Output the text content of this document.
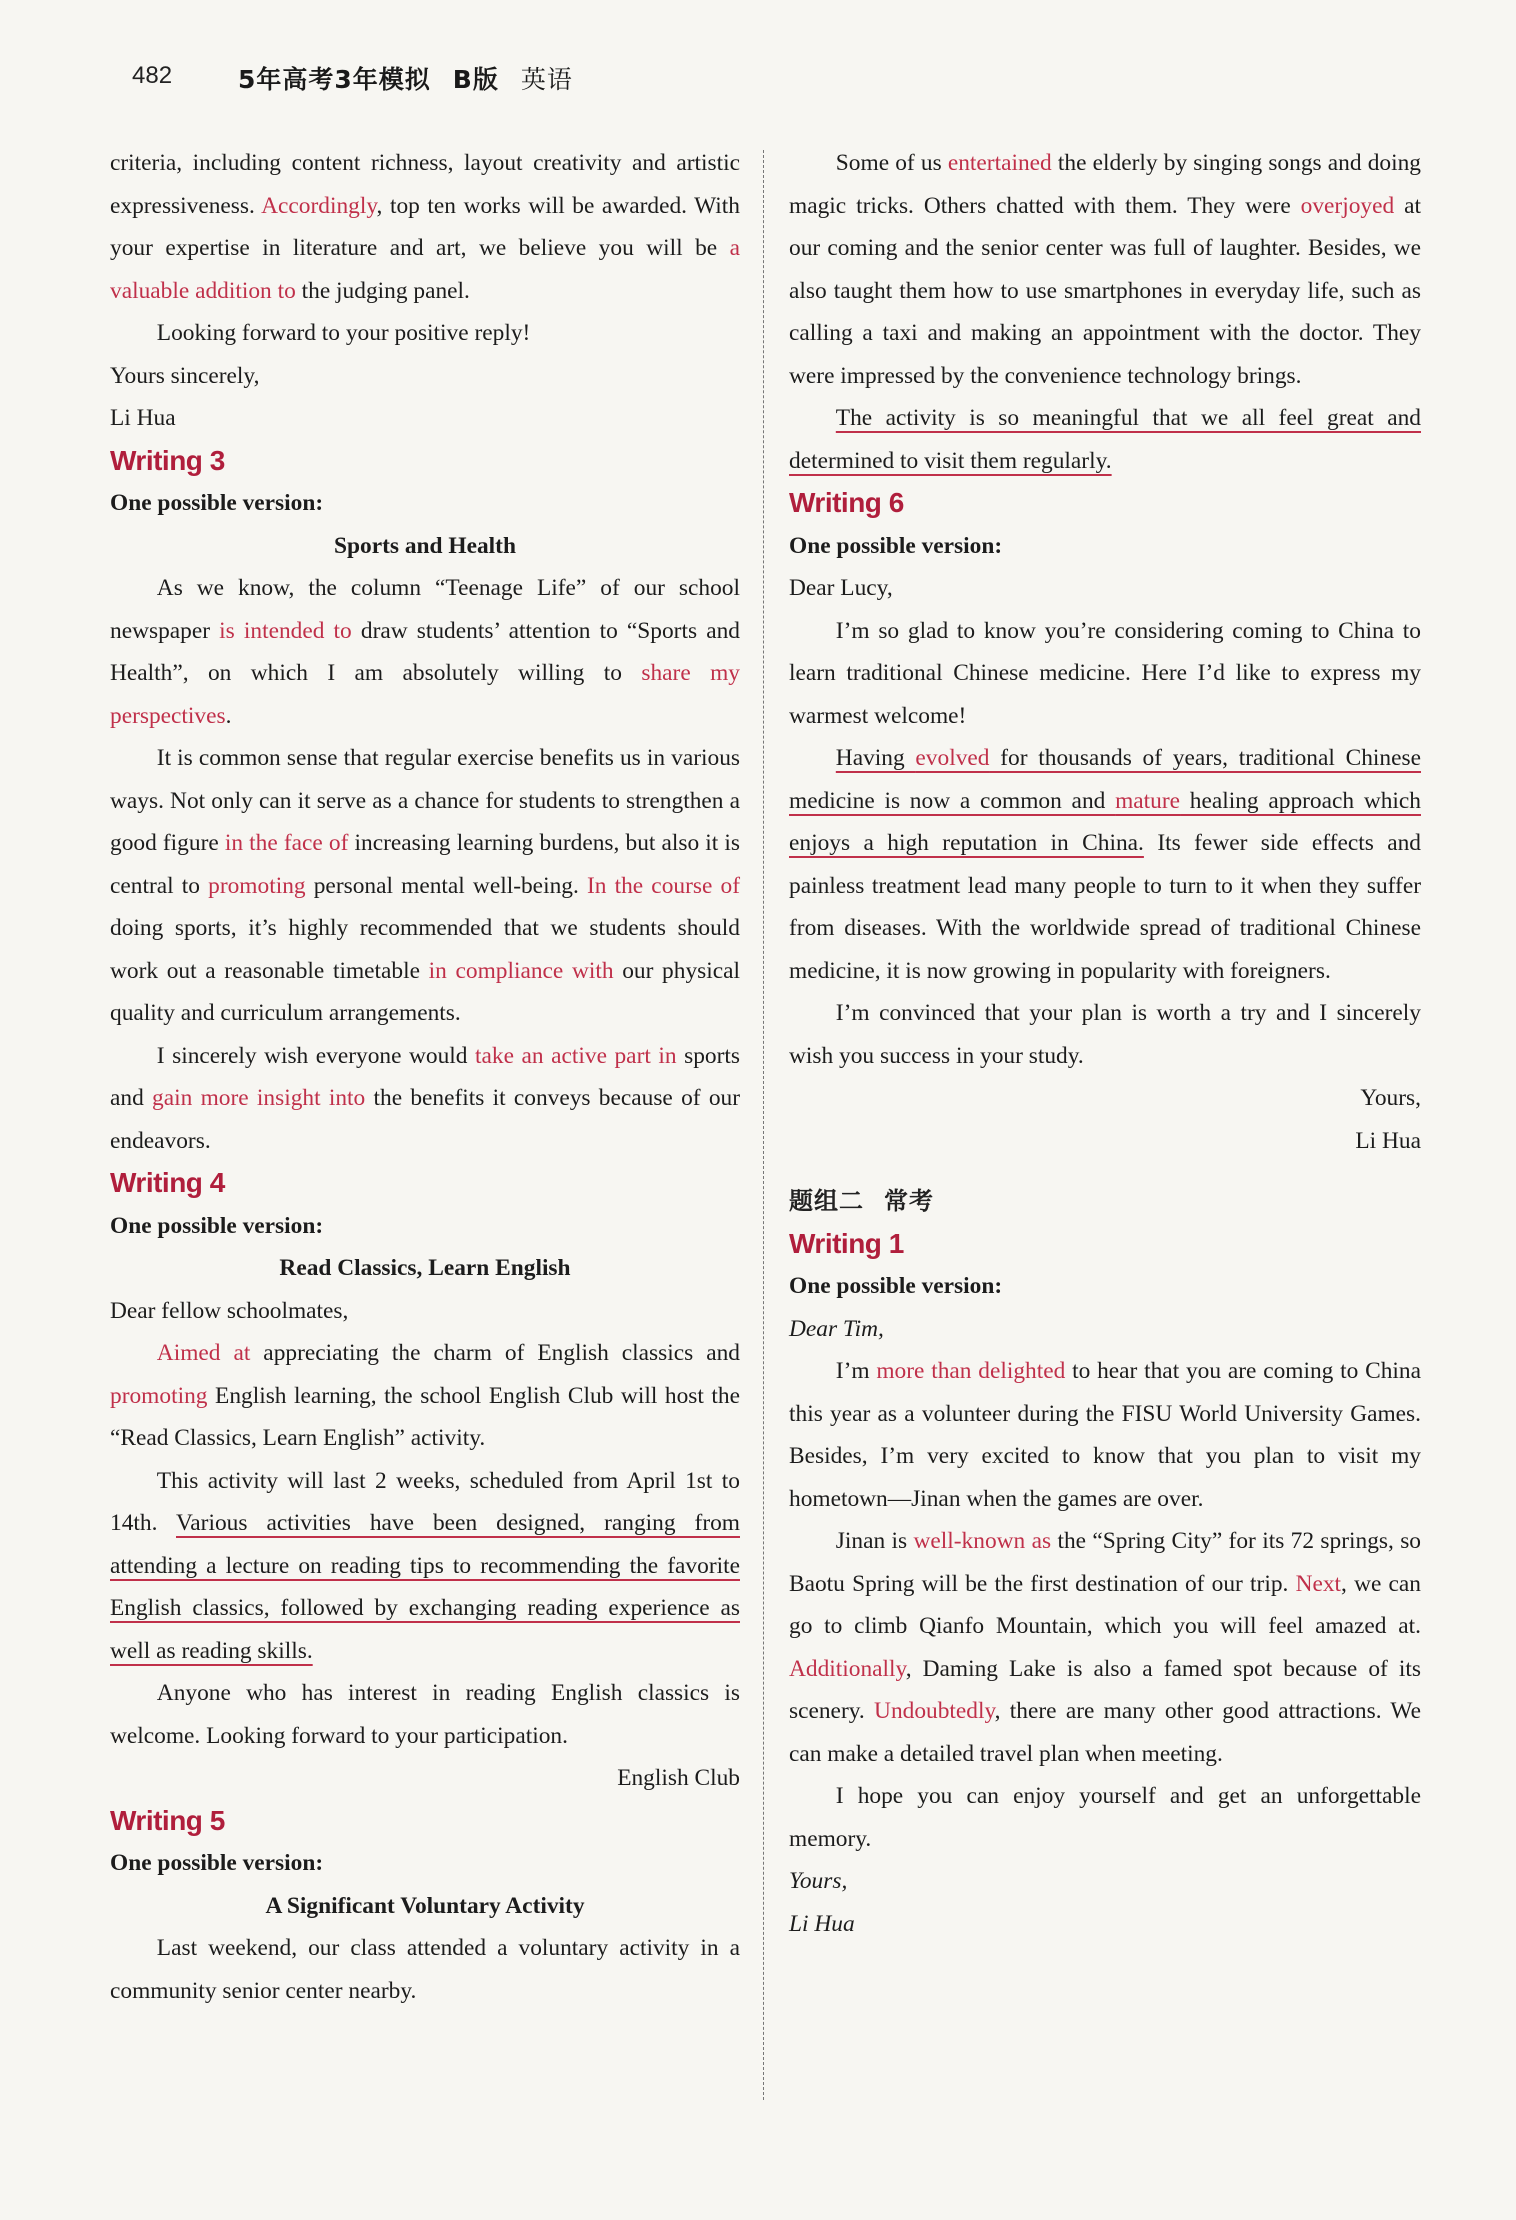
482	5年高考3年模拟 B版 英语

criteria, including content richness, layout creativity and artistic expressiveness. Accordingly, top ten works will be awarded. With your expertise in literature and art, we believe you will be a valuable addition to the judging panel.

Looking forward to your positive reply!

Yours sincerely,

Li Hua

Writing 3

One possible version:

Sports and Health

As we know, the column “Teenage Life” of our school newspaper is intended to draw students’ attention to “Sports and Health”, on which I am absolutely willing to share my perspectives.

It is common sense that regular exercise benefits us in various ways. Not only can it serve as a chance for students to strengthen a good figure in the face of increasing learning burdens, but also it is central to promoting personal mental well-being. In the course of doing sports, it’s highly recommended that we students should work out a reasonable timetable in compliance with our physical quality and curriculum arrangements.

I sincerely wish everyone would take an active part in sports and gain more insight into the benefits it conveys because of our endeavors.

Writing 4

One possible version:

Read Classics, Learn English

Dear fellow schoolmates,

Aimed at appreciating the charm of English classics and promoting English learning, the school English Club will host the “Read Classics, Learn English” activity.

This activity will last 2 weeks, scheduled from April 1st to 14th. Various activities have been designed, ranging from attending a lecture on reading tips to recommending the favorite English classics, followed by exchanging reading experience as well as reading skills.

Anyone who has interest in reading English classics is welcome. Looking forward to your participation.

English Club

Writing 5

One possible version:

A Significant Voluntary Activity

Last weekend, our class attended a voluntary activity in a community senior center nearby.

Some of us entertained the elderly by singing songs and doing magic tricks. Others chatted with them. They were overjoyed at our coming and the senior center was full of laughter. Besides, we also taught them how to use smartphones in everyday life, such as calling a taxi and making an appointment with the doctor. They were impressed by the convenience technology brings.

The activity is so meaningful that we all feel great and determined to visit them regularly.

Writing 6

One possible version:

Dear Lucy,

I’m so glad to know you’re considering coming to China to learn traditional Chinese medicine. Here I’d like to express my warmest welcome!

Having evolved for thousands of years, traditional Chinese medicine is now a common and mature healing approach which enjoys a high reputation in China. Its fewer side effects and painless treatment lead many people to turn to it when they suffer from diseases. With the worldwide spread of traditional Chinese medicine, it is now growing in popularity with foreigners.

I’m convinced that your plan is worth a try and I sincerely wish you success in your study.

Yours,

Li Hua

题组二 常考

Writing 1

One possible version:

Dear Tim,

I’m more than delighted to hear that you are coming to China this year as a volunteer during the FISU World University Games. Besides, I’m very excited to know that you plan to visit my hometown—Jinan when the games are over.

Jinan is well-known as the “Spring City” for its 72 springs, so Baotu Spring will be the first destination of our trip. Next, we can go to climb Qianfo Mountain, which you will feel amazed at. Additionally, Daming Lake is also a famed spot because of its scenery. Undoubtedly, there are many other good attractions. We can make a detailed travel plan when meeting.

I hope you can enjoy yourself and get an unforgettable memory.

Yours,

Li Hua
